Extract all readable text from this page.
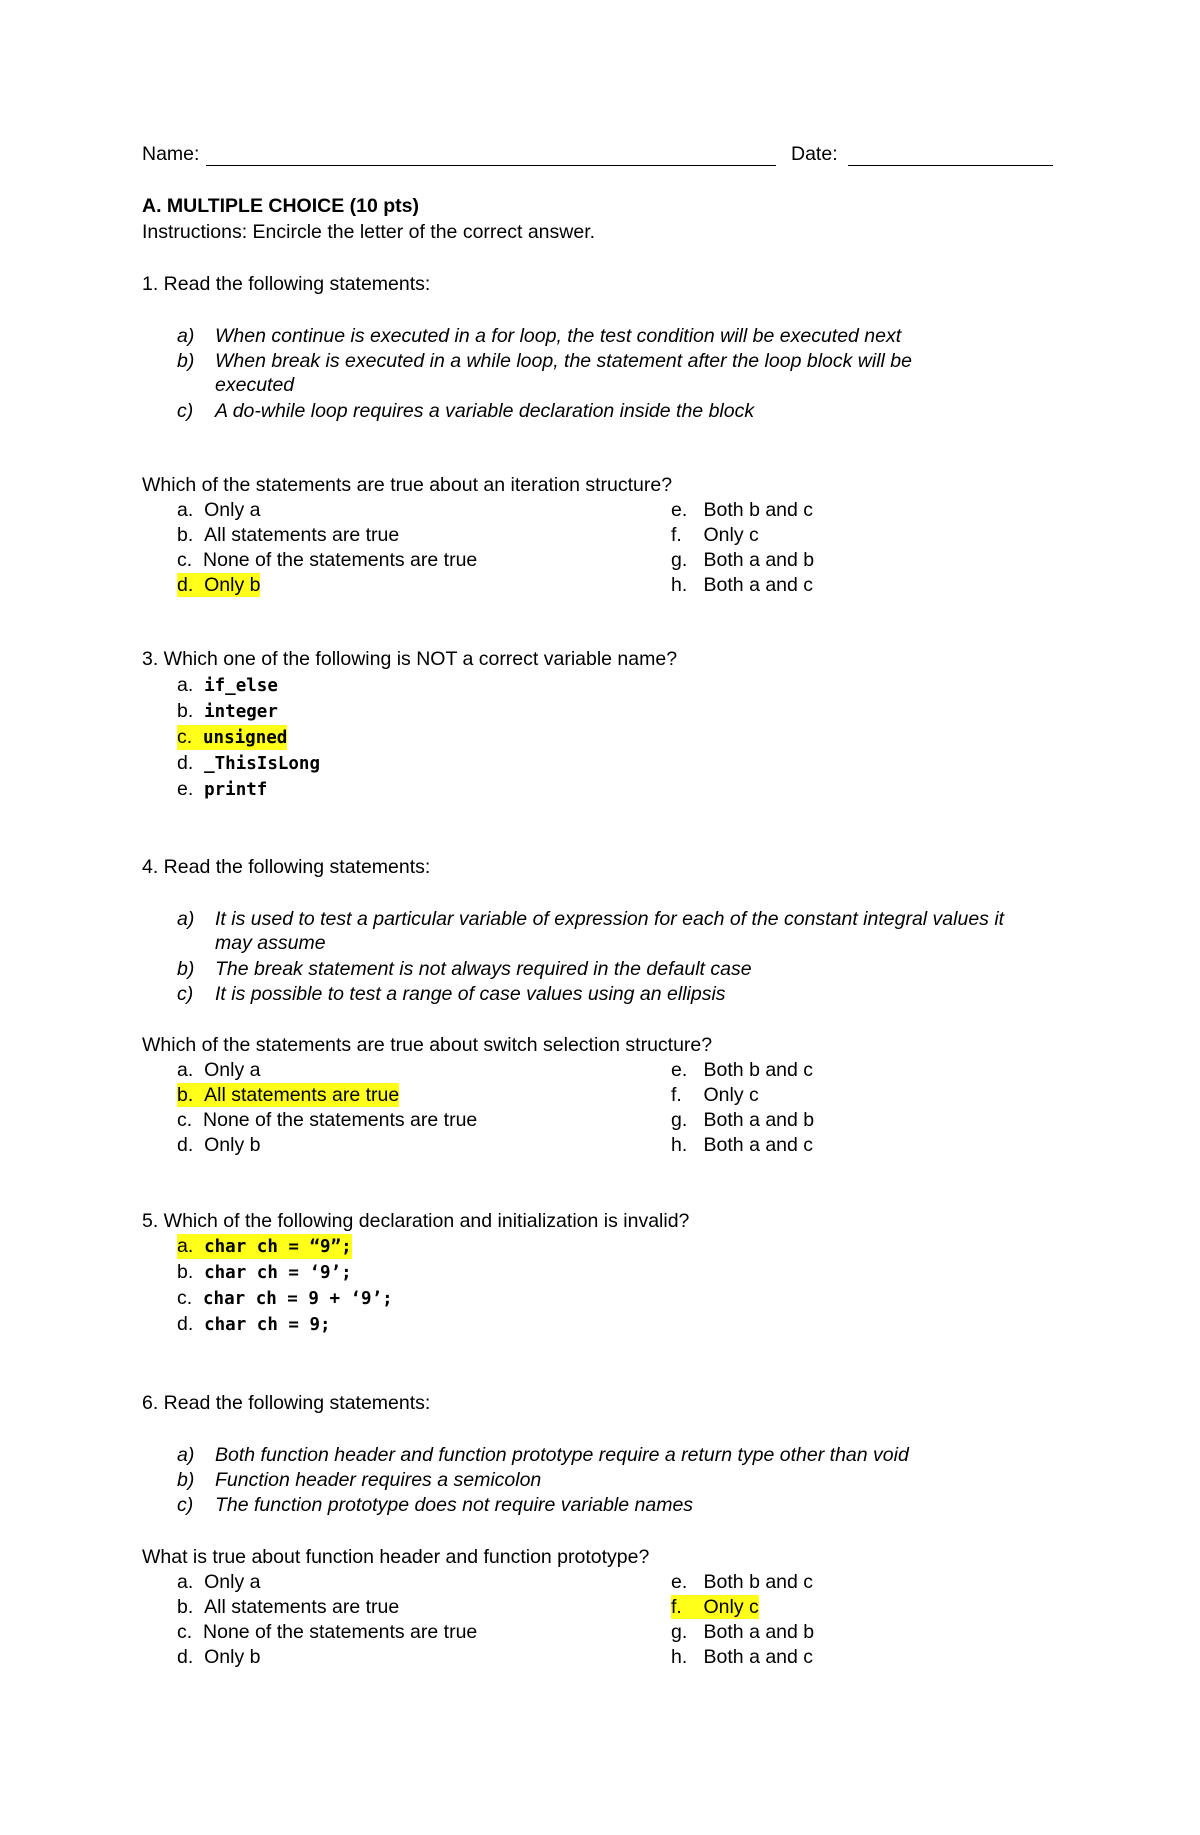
Name:	Date:
A. MULTIPLE CHOICE (10 pts)
Instructions: Encircle the letter of the correct answer.
1. Read the following statements:
a) When continue is executed in a for loop, the test condition will be executed next
b) When break is executed in a while loop, the statement after the loop block will be executed
c) A do-while loop requires a variable declaration inside the block
Which of the statements are true about an iteration structure?
a. Only a
b. All statements are true
c. None of the statements are true
d. Only b
e. Both b and c
f. Only c
g. Both a and b
h. Both a and c
3. Which one of the following is NOT a correct variable name?
a. if_else
b. integer
c. unsigned
d. _ThisIsLong
e. printf
4. Read the following statements:
a) It is used to test a particular variable of expression for each of the constant integral values it may assume
b) The break statement is not always required in the default case
c) It is possible to test a range of case values using an ellipsis
Which of the statements are true about switch selection structure?
a. Only a
b. All statements are true
c. None of the statements are true
d. Only b
e. Both b and c
f. Only c
g. Both a and b
h. Both a and c
5. Which of the following declaration and initialization is invalid?
a. char ch = “9”;
b. char ch = ‘9’;
c. char ch = 9 + ‘9’;
d. char ch = 9;
6. Read the following statements:
a) Both function header and function prototype require a return type other than void
b) Function header requires a semicolon
c) The function prototype does not require variable names
What is true about function header and function prototype?
a. Only a
b. All statements are true
c. None of the statements are true
d. Only b
e. Both b and c
f. Only c
g. Both a and b
h. Both a and c
